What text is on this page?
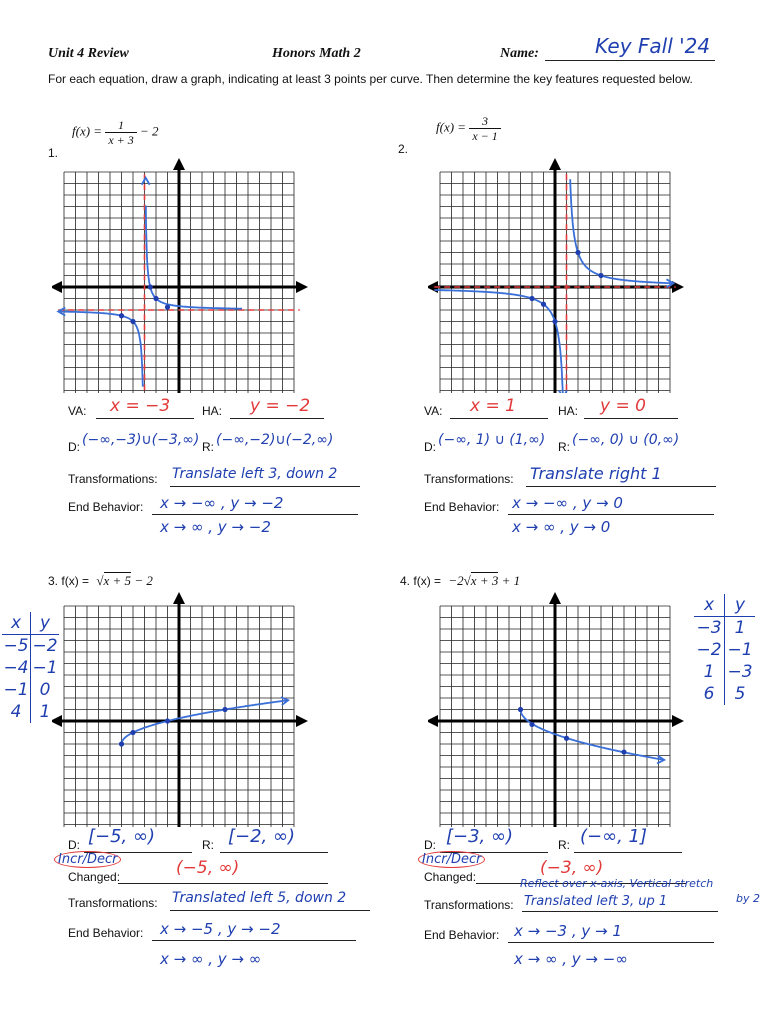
Unit 4 Review	Honors Math 2	Name:	Key Fall '24
For each equation, draw a graph, indicating at least 3 points per curve. Then determine the key features requested below.
1.
$f(x) = \frac{1}{x + 3} - 2$
2.
$f(x) = \frac{3}{x - 1}$
VA: x = −3	HA: y = −2
D: (−∞,−3)∪(−3,∞) R: (−∞,−2)∪(−2,∞)
Transformations: Translate left 3, down 2
End Behavior: x → −∞ , y → −2
x → ∞ , y → −2
VA: x = 1	HA: y = 0
D: (−∞, 1) ∪ (1,∞) R: (−∞, 0) ∪ (0,∞)
Transformations: Translate right 1
End Behavior: x → −∞ , y → 0
x → ∞ , y → 0
3. f(x) = √x + 5 − 2	4. f(x) = −2√x + 3 + 1
x	y
−5 −2
−4 −1
−1 0
4	1
x	y
−3 1
−2 −1
1 −3
6	5
D: [−5, ∞)	R: [−2, ∞)
Incr/Decr
Changed:	(−5, ∞)
Transformations: Translated left 5, down 2
End Behavior: x → −5 , y → −2
x → ∞ , y → ∞
D: [−3, ∞)	R: (−∞, 1]
Incr/Decr
Changed:	(−3, ∞)
Reflect over x-axis, Vertical stretch
by 2
Transformations: Translated left 3, up 1
End Behavior: x → −3 , y → 1
x → ∞ , y → −∞
